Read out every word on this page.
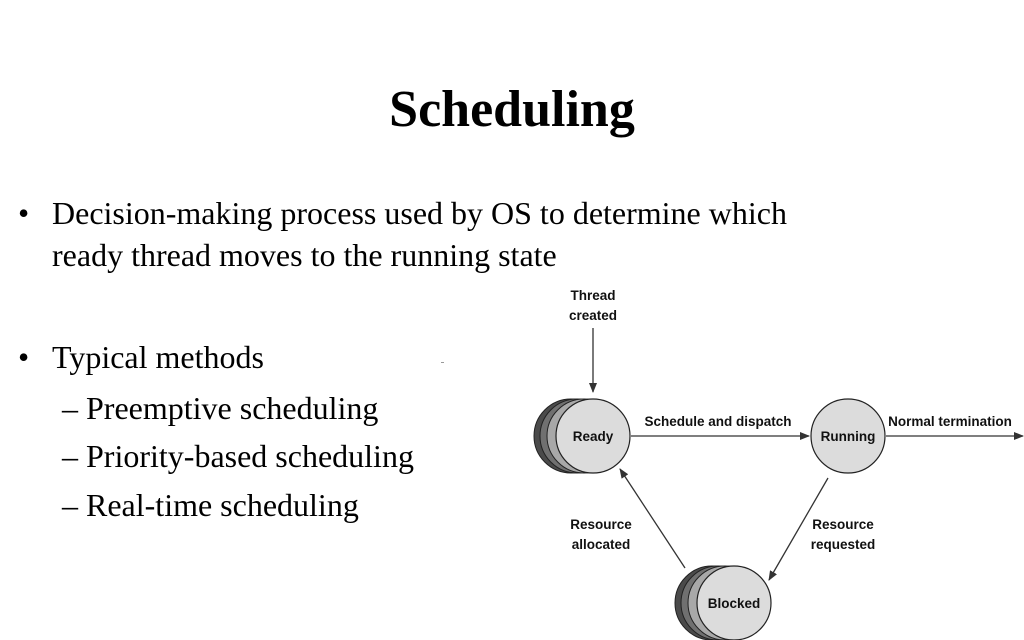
Scheduling
• Decision-making process used by OS to determine which
ready thread moves to the running state
• Typical methods
– Preemptive scheduling
– Priority-based scheduling
– Real-time scheduling
Thread
created
Ready
Schedule and dispatch
Running
Normal termination
Resource
requested
Resource
allocated
Blocked
